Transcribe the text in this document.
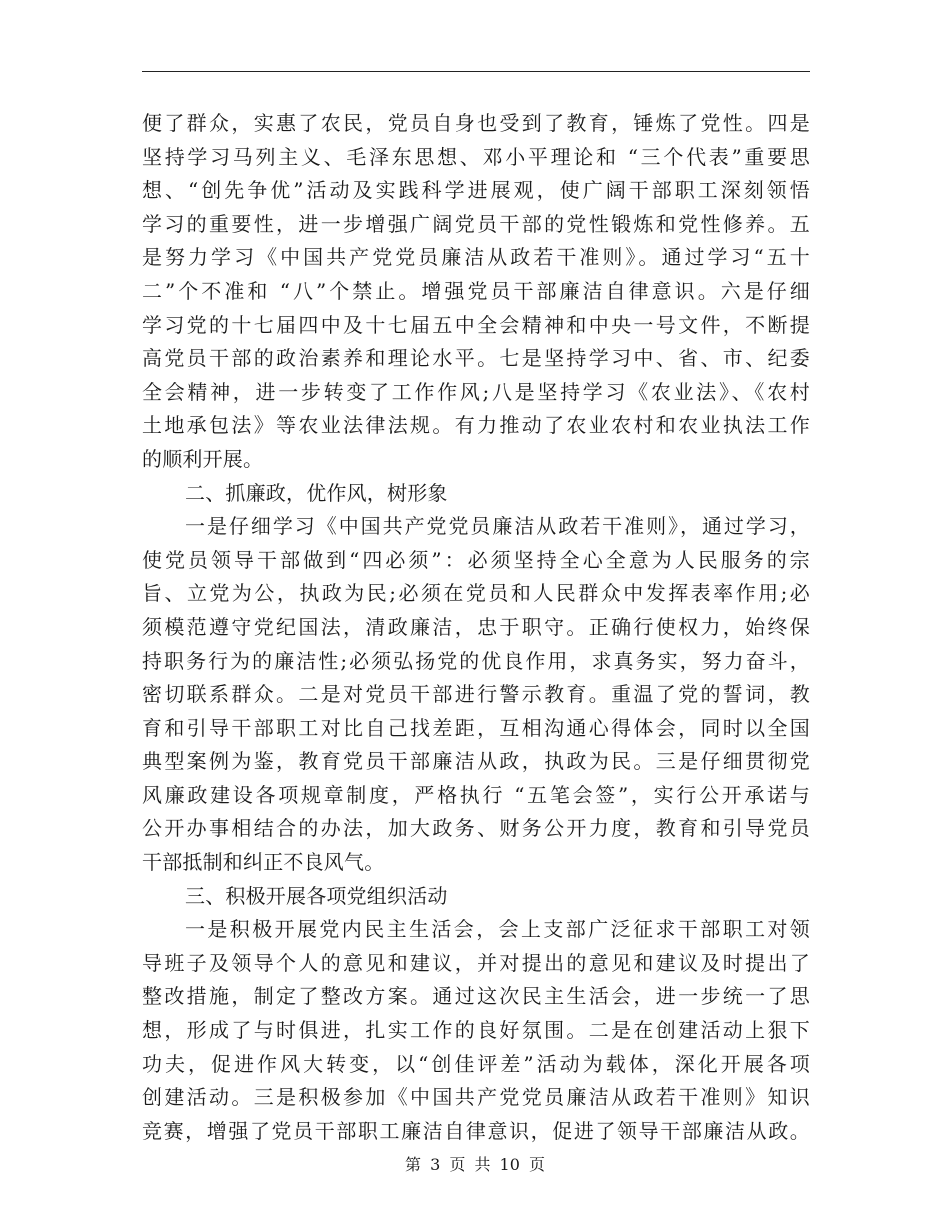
便了群众，实惠了农民，党员自身也受到了教育，锤炼了党性。四是
坚持学习马列主义、毛泽东思想、邓小平理论和 “三个代表”重要思
想、“创先争优”活动及实践科学进展观，使广阔干部职工深刻领悟
学习的重要性，进一步增强广阔党员干部的党性锻炼和党性修养。五
是努力学习《中国共产党党员廉洁从政若干准则》。通过学习“五十
二”个不准和 “八”个禁止。增强党员干部廉洁自律意识。六是仔细
学习党的十七届四中及十七届五中全会精神和中央一号文件，不断提
高党员干部的政治素养和理论水平。七是坚持学习中、省、市、纪委
全会精神，进一步转变了工作作风;八是坚持学习《农业法》、《农村
土地承包法》等农业法律法规。有力推动了农业农村和农业执法工作
的顺利开展。
二、抓廉政，优作风，树形象
一是仔细学习《中国共产党党员廉洁从政若干准则》，通过学习，
使党员领导干部做到“四必须”：必须坚持全心全意为人民服务的宗
旨、立党为公，执政为民;必须在党员和人民群众中发挥表率作用;必
须模范遵守党纪国法，清政廉洁，忠于职守。正确行使权力，始终保
持职务行为的廉洁性;必须弘扬党的优良作用，求真务实，努力奋斗，
密切联系群众。二是对党员干部进行警示教育。重温了党的誓词，教
育和引导干部职工对比自己找差距，互相沟通心得体会，同时以全国
典型案例为鉴，教育党员干部廉洁从政，执政为民。三是仔细贯彻党
风廉政建设各项规章制度，严格执行 “五笔会签”，实行公开承诺与
公开办事相结合的办法，加大政务、财务公开力度，教育和引导党员
干部抵制和纠正不良风气。
三、积极开展各项党组织活动
一是积极开展党内民主生活会，会上支部广泛征求干部职工对领
导班子及领导个人的意见和建议，并对提出的意见和建议及时提出了
整改措施，制定了整改方案。通过这次民主生活会，进一步统一了思
想，形成了与时俱进，扎实工作的良好氛围。二是在创建活动上狠下
功夫，促进作风大转变，以“创佳评差”活动为载体，深化开展各项
创建活动。三是积极参加《中国共产党党员廉洁从政若干准则》知识
竞赛，增强了党员干部职工廉洁自律意识，促进了领导干部廉洁从政。
第 3 页 共 10 页
